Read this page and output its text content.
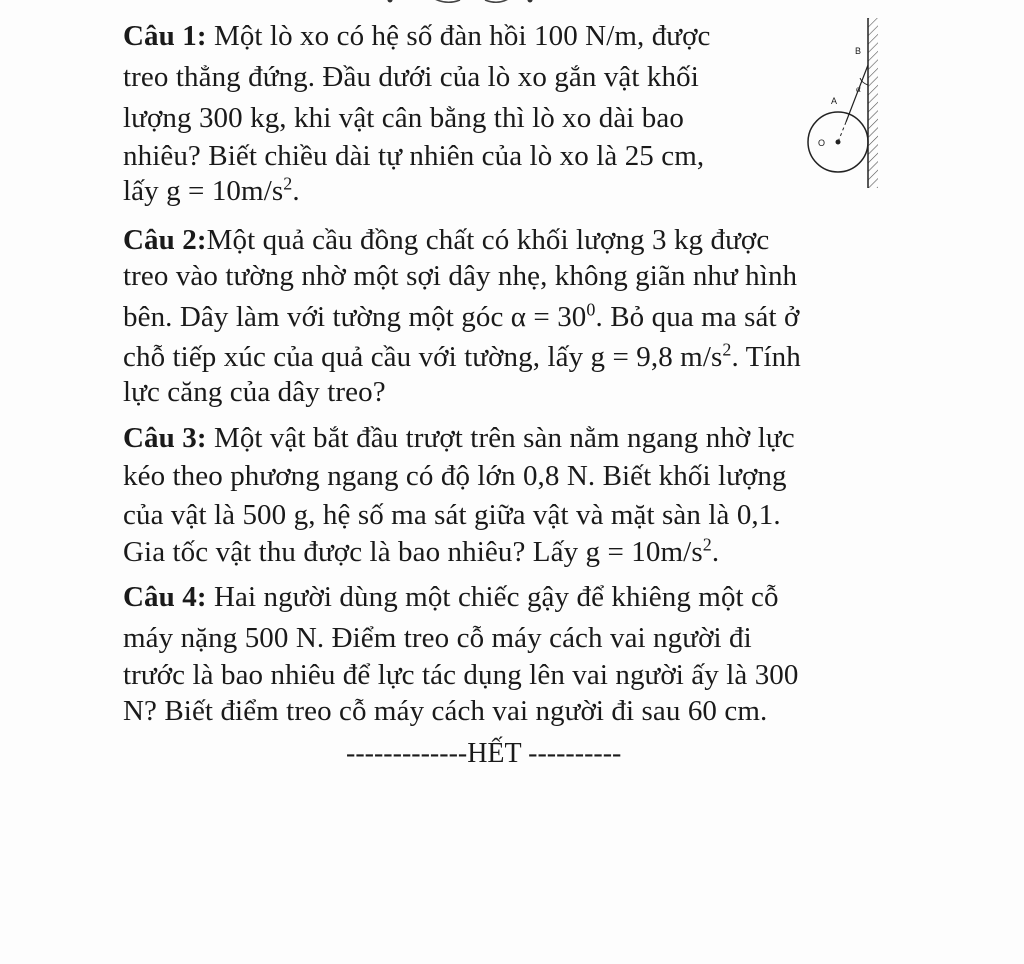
Câu 1: Một lò xo có hệ số đàn hồi 100 N/m, được
treo thẳng đứng. Đầu dưới của lò xo gắn vật khối
lượng 300 kg, khi vật cân bằng thì lò xo dài bao
nhiêu? Biết chiều dài tự nhiên của lò xo là 25 cm,
lấy $g = 10m/s^2$.
B
A
O
α
Câu 2:Một quả cầu đồng chất có khối lượng 3 kg được
treo vào tường nhờ một sợi dây nhẹ, không giãn như hình
bên. Dây làm với tường một góc $\alpha = 30^0$. Bỏ qua ma sát ở
chỗ tiếp xúc của quả cầu với tường, lấy g = 9,8 $m/s^2$. Tính
lực căng của dây treo?
Câu 3: Một vật bắt đầu trượt trên sàn nằm ngang nhờ lực
kéo theo phương ngang có độ lớn 0,8 N. Biết khối lượng
của vật là 500 g, hệ số ma sát giữa vật và mặt sàn là 0,1.
Gia tốc vật thu được là bao nhiêu? Lấy $g = 10m/s^2$.
Câu 4: Hai người dùng một chiếc gậy để khiêng một cỗ
máy nặng 500 N. Điểm treo cỗ máy cách vai người đi
trước là bao nhiêu để lực tác dụng lên vai người ấy là 300
N? Biết điểm treo cỗ máy cách vai người đi sau 60 cm.
-------------HẾT ----------
